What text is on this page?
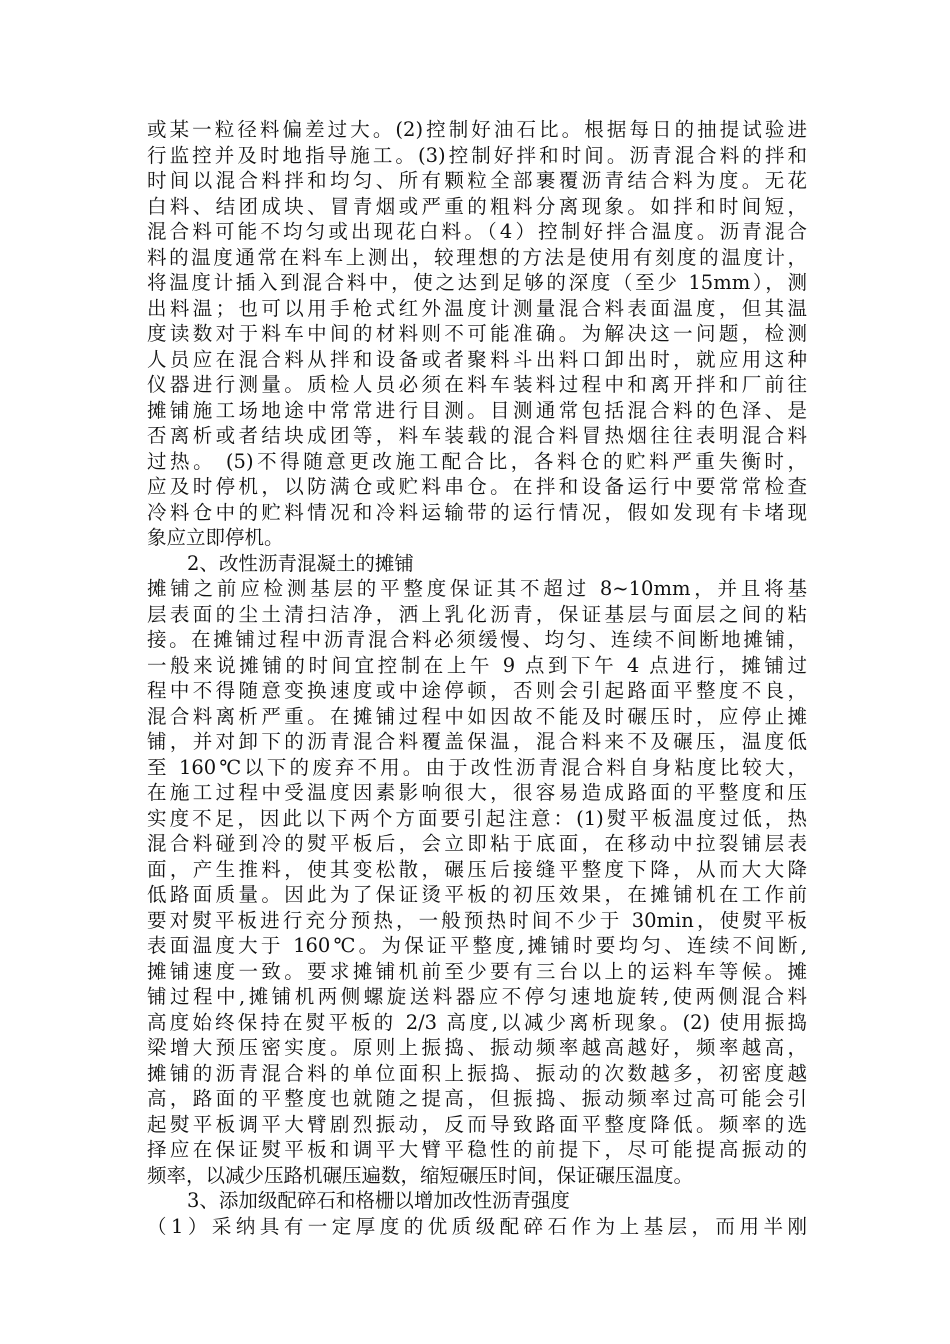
或某一粒径料偏差过大。(2)控制好油石比。根据每日的抽提试验进
行监控并及时地指导施工。(3)控制好拌和时间。沥青混合料的拌和
时间以混合料拌和均匀、所有颗粒全部裹覆沥青结合料为度。无花
白料、结团成块、冒青烟或严重的粗料分离现象。如拌和时间短，
混合料可能不均匀或出现花白料。（4）控制好拌合温度。沥青混合
料的温度通常在料车上测出，较理想的方法是使用有刻度的温度计，
将温度计插入到混合料中，使之达到足够的深度（至少 15mm），测
出料温；也可以用手枪式红外温度计测量混合料表面温度，但其温
度读数对于料车中间的材料则不可能准确。为解决这一问题，检测
人员应在混合料从拌和设备或者聚料斗出料口卸出时，就应用这种
仪器进行测量。质检人员必须在料车装料过程中和离开拌和厂前往
摊铺施工场地途中常常进行目测。目测通常包括混合料的色泽、是
否离析或者结块成团等，料车装载的混合料冒热烟往往表明混合料
过热。 (5)不得随意更改施工配合比，各料仓的贮料严重失衡时，
应及时停机，以防满仓或贮料串仓。在拌和设备运行中要常常检查
冷料仓中的贮料情况和冷料运输带的运行情况，假如发现有卡堵现
象应立即停机。
2、改性沥青混凝土的摊铺
摊铺之前应检测基层的平整度保证其不超过 8~10mm，并且将基
层表面的尘土清扫洁净，洒上乳化沥青，保证基层与面层之间的粘
接。在摊铺过程中沥青混合料必须缓慢、均匀、连续不间断地摊铺，
一般来说摊铺的时间宜控制在上午 9 点到下午 4 点进行，摊铺过
程中不得随意变换速度或中途停顿，否则会引起路面平整度不良，
混合料离析严重。在摊铺过程中如因故不能及时碾压时，应停止摊
铺，并对卸下的沥青混合料覆盖保温，混合料来不及碾压，温度低
至 160℃以下的废弃不用。由于改性沥青混合料自身粘度比较大，
在施工过程中受温度因素影响很大，很容易造成路面的平整度和压
实度不足，因此以下两个方面要引起注意：(1)熨平板温度过低，热
混合料碰到冷的熨平板后，会立即粘于底面，在移动中拉裂铺层表
面，产生推料，使其变松散，碾压后接缝平整度下降，从而大大降
低路面质量。因此为了保证烫平板的初压效果，在摊铺机在工作前
要对熨平板进行充分预热，一般预热时间不少于 30min，使熨平板
表面温度大于 160℃。为保证平整度,摊铺时要均匀、连续不间断,
摊铺速度一致。要求摊铺机前至少要有三台以上的运料车等候。摊
铺过程中,摊铺机两侧螺旋送料器应不停匀速地旋转,使两侧混合料
高度始终保持在熨平板的 2/3 高度,以减少离析现象。(2) 使用振捣
梁增大预压密实度。原则上振捣、振动频率越高越好，频率越高，
摊铺的沥青混合料的单位面积上振捣、振动的次数越多，初密度越
高，路面的平整度也就随之提高，但振捣、振动频率过高可能会引
起熨平板调平大臂剧烈振动，反而导致路面平整度降低。频率的选
择应在保证熨平板和调平大臂平稳性的前提下，尽可能提高振动的
频率，以减少压路机碾压遍数，缩短碾压时间，保证碾压温度。
3、添加级配碎石和格栅以增加改性沥青强度
（1）采纳具有一定厚度的优质级配碎石作为上基层，而用半刚
